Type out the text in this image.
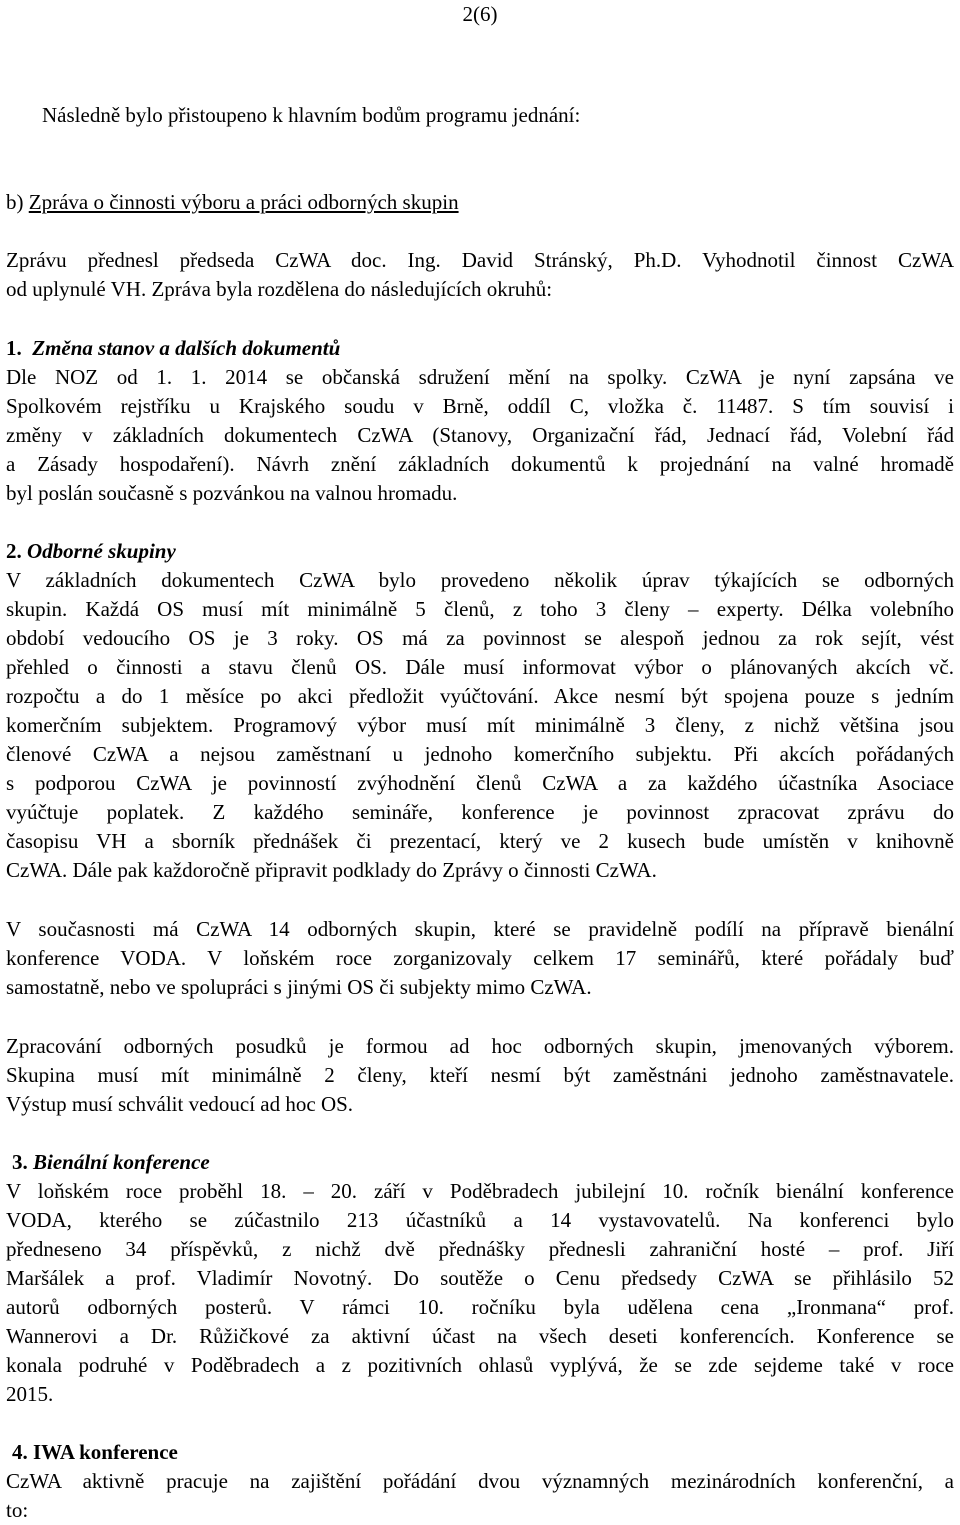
2(6)
Následně bylo přistoupeno k hlavním bodům programu jednání:
b) Zpráva o činnosti výboru a práci odborných skupin
Zprávu přednesl předseda CzWA doc. Ing. David Stránský, Ph.D. Vyhodnotil činnost CzWA
od uplynulé VH. Zpráva byla rozdělena do následujících okruhů:
1. Změna stanov a dalších dokumentů
Dle NOZ od 1. 1. 2014 se občanská sdružení mění na spolky. CzWA je nyní zapsána ve
Spolkovém rejstříku u Krajského soudu v Brně, oddíl C, vložka č. 11487. S tím souvisí i
změny v základních dokumentech CzWA (Stanovy, Organizační řád, Jednací řád, Volební řád
a Zásady hospodaření). Návrh znění základních dokumentů k projednání na valné hromadě
byl poslán současně s pozvánkou na valnou hromadu.
2. Odborné skupiny
V základních dokumentech CzWA bylo provedeno několik úprav týkajících se odborných
skupin. Každá OS musí mít minimálně 5 členů, z toho 3 členy – experty. Délka volebního
období vedoucího OS je 3 roky. OS má za povinnost se alespoň jednou za rok sejít, vést
přehled o činnosti a stavu členů OS. Dále musí informovat výbor o plánovaných akcích vč.
rozpočtu a do 1 měsíce po akci předložit vyúčtování. Akce nesmí být spojena pouze s jedním
komerčním subjektem. Programový výbor musí mít minimálně 3 členy, z nichž většina jsou
členové CzWA a nejsou zaměstnaní u jednoho komerčního subjektu. Při akcích pořádaných
s podporou CzWA je povinností zvýhodnění členů CzWA a za každého účastníka Asociace
vyúčtuje poplatek. Z každého semináře, konference je povinnost zpracovat zprávu do
časopisu VH a sborník přednášek či prezentací, který ve 2 kusech bude umístěn v knihovně
CzWA. Dále pak každoročně připravit podklady do Zprávy o činnosti CzWA.
V současnosti má CzWA 14 odborných skupin, které se pravidelně podílí na přípravě bienální
konference VODA. V loňském roce zorganizovaly celkem 17 seminářů, které pořádaly buď
samostatně, nebo ve spolupráci s jinými OS či subjekty mimo CzWA.
Zpracování odborných posudků je formou ad hoc odborných skupin, jmenovaných výborem.
Skupina musí mít minimálně 2 členy, kteří nesmí být zaměstnáni jednoho zaměstnavatele.
Výstup musí schválit vedoucí ad hoc OS.
3. Bienální konference
V loňském roce proběhl 18. – 20. září v Poděbradech jubilejní 10. ročník bienální konference
VODA, kterého se zúčastnilo 213 účastníků a 14 vystavovatelů. Na konferenci bylo
předneseno 34 příspěvků, z nichž dvě přednášky přednesli zahraniční hosté – prof. Jiří
Maršálek a prof. Vladimír Novotný. Do soutěže o Cenu předsedy CzWA se přihlásilo 52
autorů odborných posterů. V rámci 10. ročníku byla udělena cena „Ironmana“ prof.
Wannerovi a Dr. Růžičkové za aktivní účast na všech deseti konferencích. Konference se
konala podruhé v Poděbradech a z pozitivních ohlasů vyplývá, že se zde sejdeme také v roce
2015.
4. IWA konference
CzWA aktivně pracuje na zajištění pořádání dvou významných mezinárodních konferenční, a
to:
